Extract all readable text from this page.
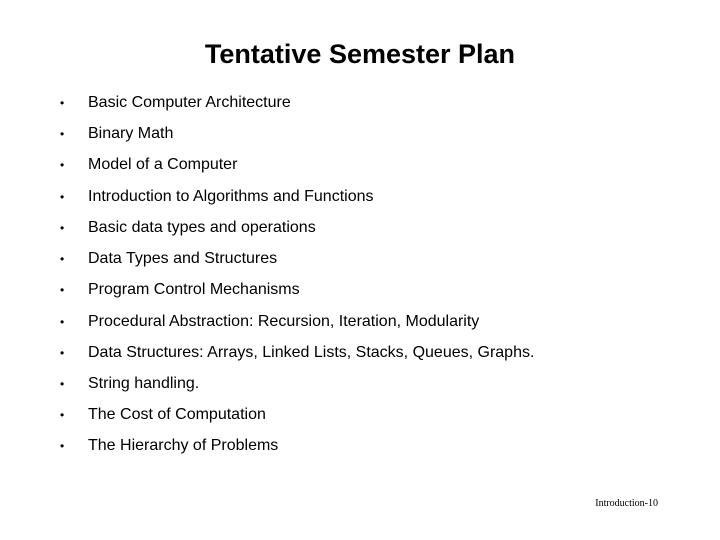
Tentative Semester Plan
• Basic Computer Architecture
• Binary Math
• Model of a Computer
• Introduction to Algorithms and Functions
• Basic data types and operations
• Data Types and Structures
• Program Control Mechanisms
• Procedural Abstraction: Recursion, Iteration, Modularity
• Data Structures: Arrays, Linked Lists, Stacks, Queues, Graphs.
• String handling.
• The Cost of Computation
• The Hierarchy of Problems
Introduction-10
